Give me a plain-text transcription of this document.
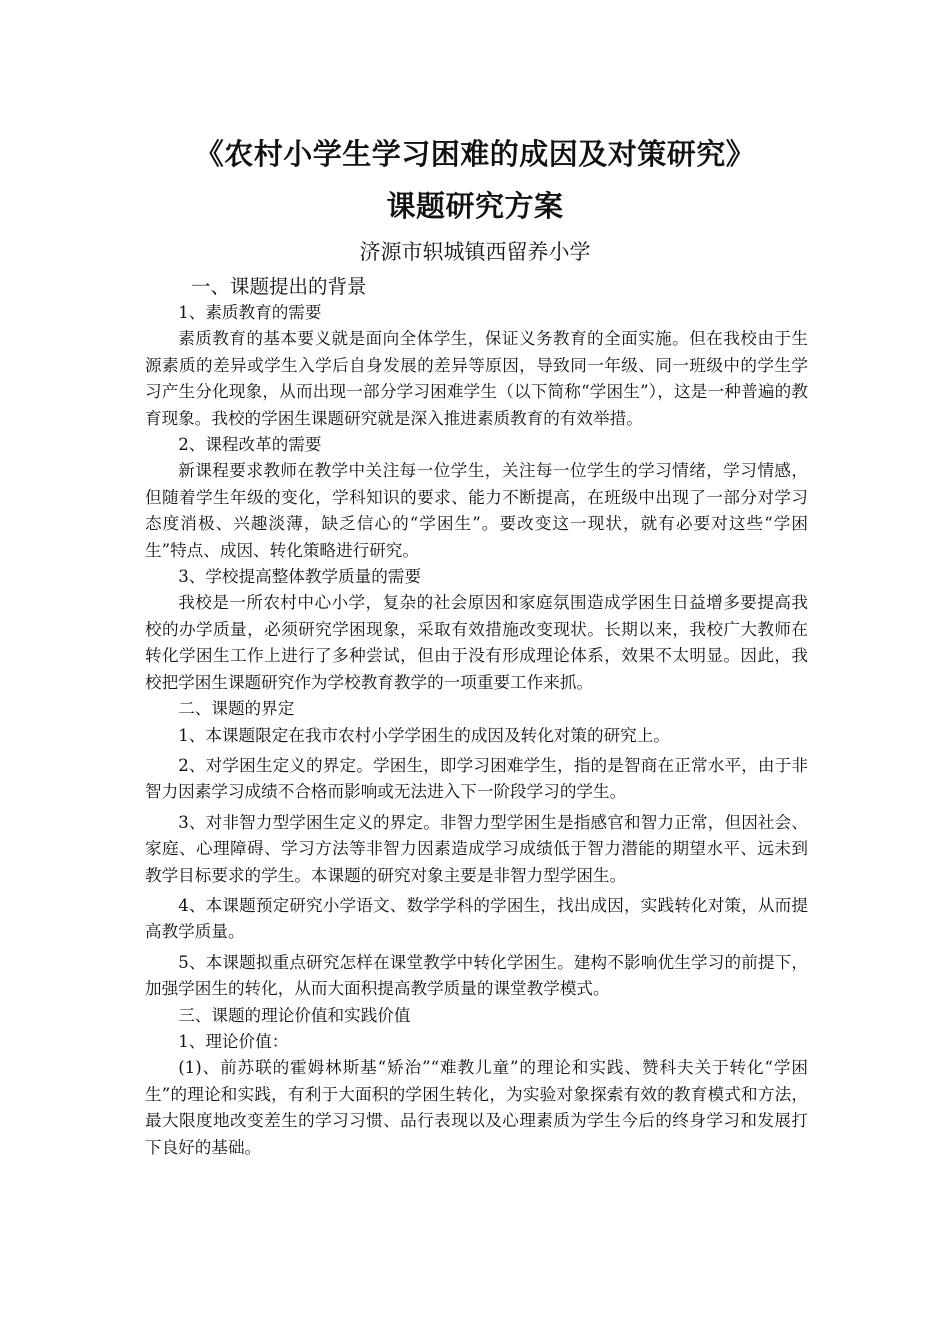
《农村小学生学习困难的成因及对策研究》
课题研究方案
济源市轵城镇西留养小学
一、课题提出的背景

1、素质教育的需要

素质教育的基本要义就是面向全体学生，保证义务教育的全面实施。但在我校由于生源素质的差异或学生入学后自身发展的差异等原因，导致同一年级、同一班级中的学生学习产生分化现象，从而出现一部分学习困难学生（以下简称“学困生”），这是一种普遍的教育现象。我校的学困生课题研究就是深入推进素质教育的有效举措。

2、课程改革的需要

新课程要求教师在教学中关注每一位学生，关注每一位学生的学习情绪，学习情感，但随着学生年级的变化，学科知识的要求、能力不断提高，在班级中出现了一部分对学习态度消极、兴趣淡薄，缺乏信心的“学困生”。要改变这一现状，就有必要对这些“学困生”特点、成因、转化策略进行研究。

3、学校提高整体教学质量的需要

我校是一所农村中心小学，复杂的社会原因和家庭氛围造成学困生日益增多要提高我校的办学质量，必须研究学困现象，采取有效措施改变现状。长期以来，我校广大教师在转化学困生工作上进行了多种尝试，但由于没有形成理论体系，效果不太明显。因此，我校把学困生课题研究作为学校教育教学的一项重要工作来抓。

二、课题的界定

1、本课题限定在我市农村小学学困生的成因及转化对策的研究上。

2、对学困生定义的界定。学困生，即学习困难学生，指的是智商在正常水平，由于非智力因素学习成绩不合格而影响或无法进入下一阶段学习的学生。

3、对非智力型学困生定义的界定。非智力型学困生是指感官和智力正常，但因社会、家庭、心理障碍、学习方法等非智力因素造成学习成绩低于智力潜能的期望水平、远未到教学目标要求的学生。本课题的研究对象主要是非智力型学困生。

4、本课题预定研究小学语文、数学学科的学困生，找出成因，实践转化对策，从而提高教学质量。

5、本课题拟重点研究怎样在课堂教学中转化学困生。建构不影响优生学习的前提下，加强学困生的转化，从而大面积提高教学质量的课堂教学模式。

三、课题的理论价值和实践价值

1、理论价值：

(1)、前苏联的霍姆林斯基“矫治”“难教儿童”的理论和实践、赞科夫关于转化“学困生”的理论和实践，有利于大面积的学困生转化，为实验对象探索有效的教育模式和方法，最大限度地改变差生的学习习惯、品行表现以及心理素质为学生今后的终身学习和发展打下良好的基础。
